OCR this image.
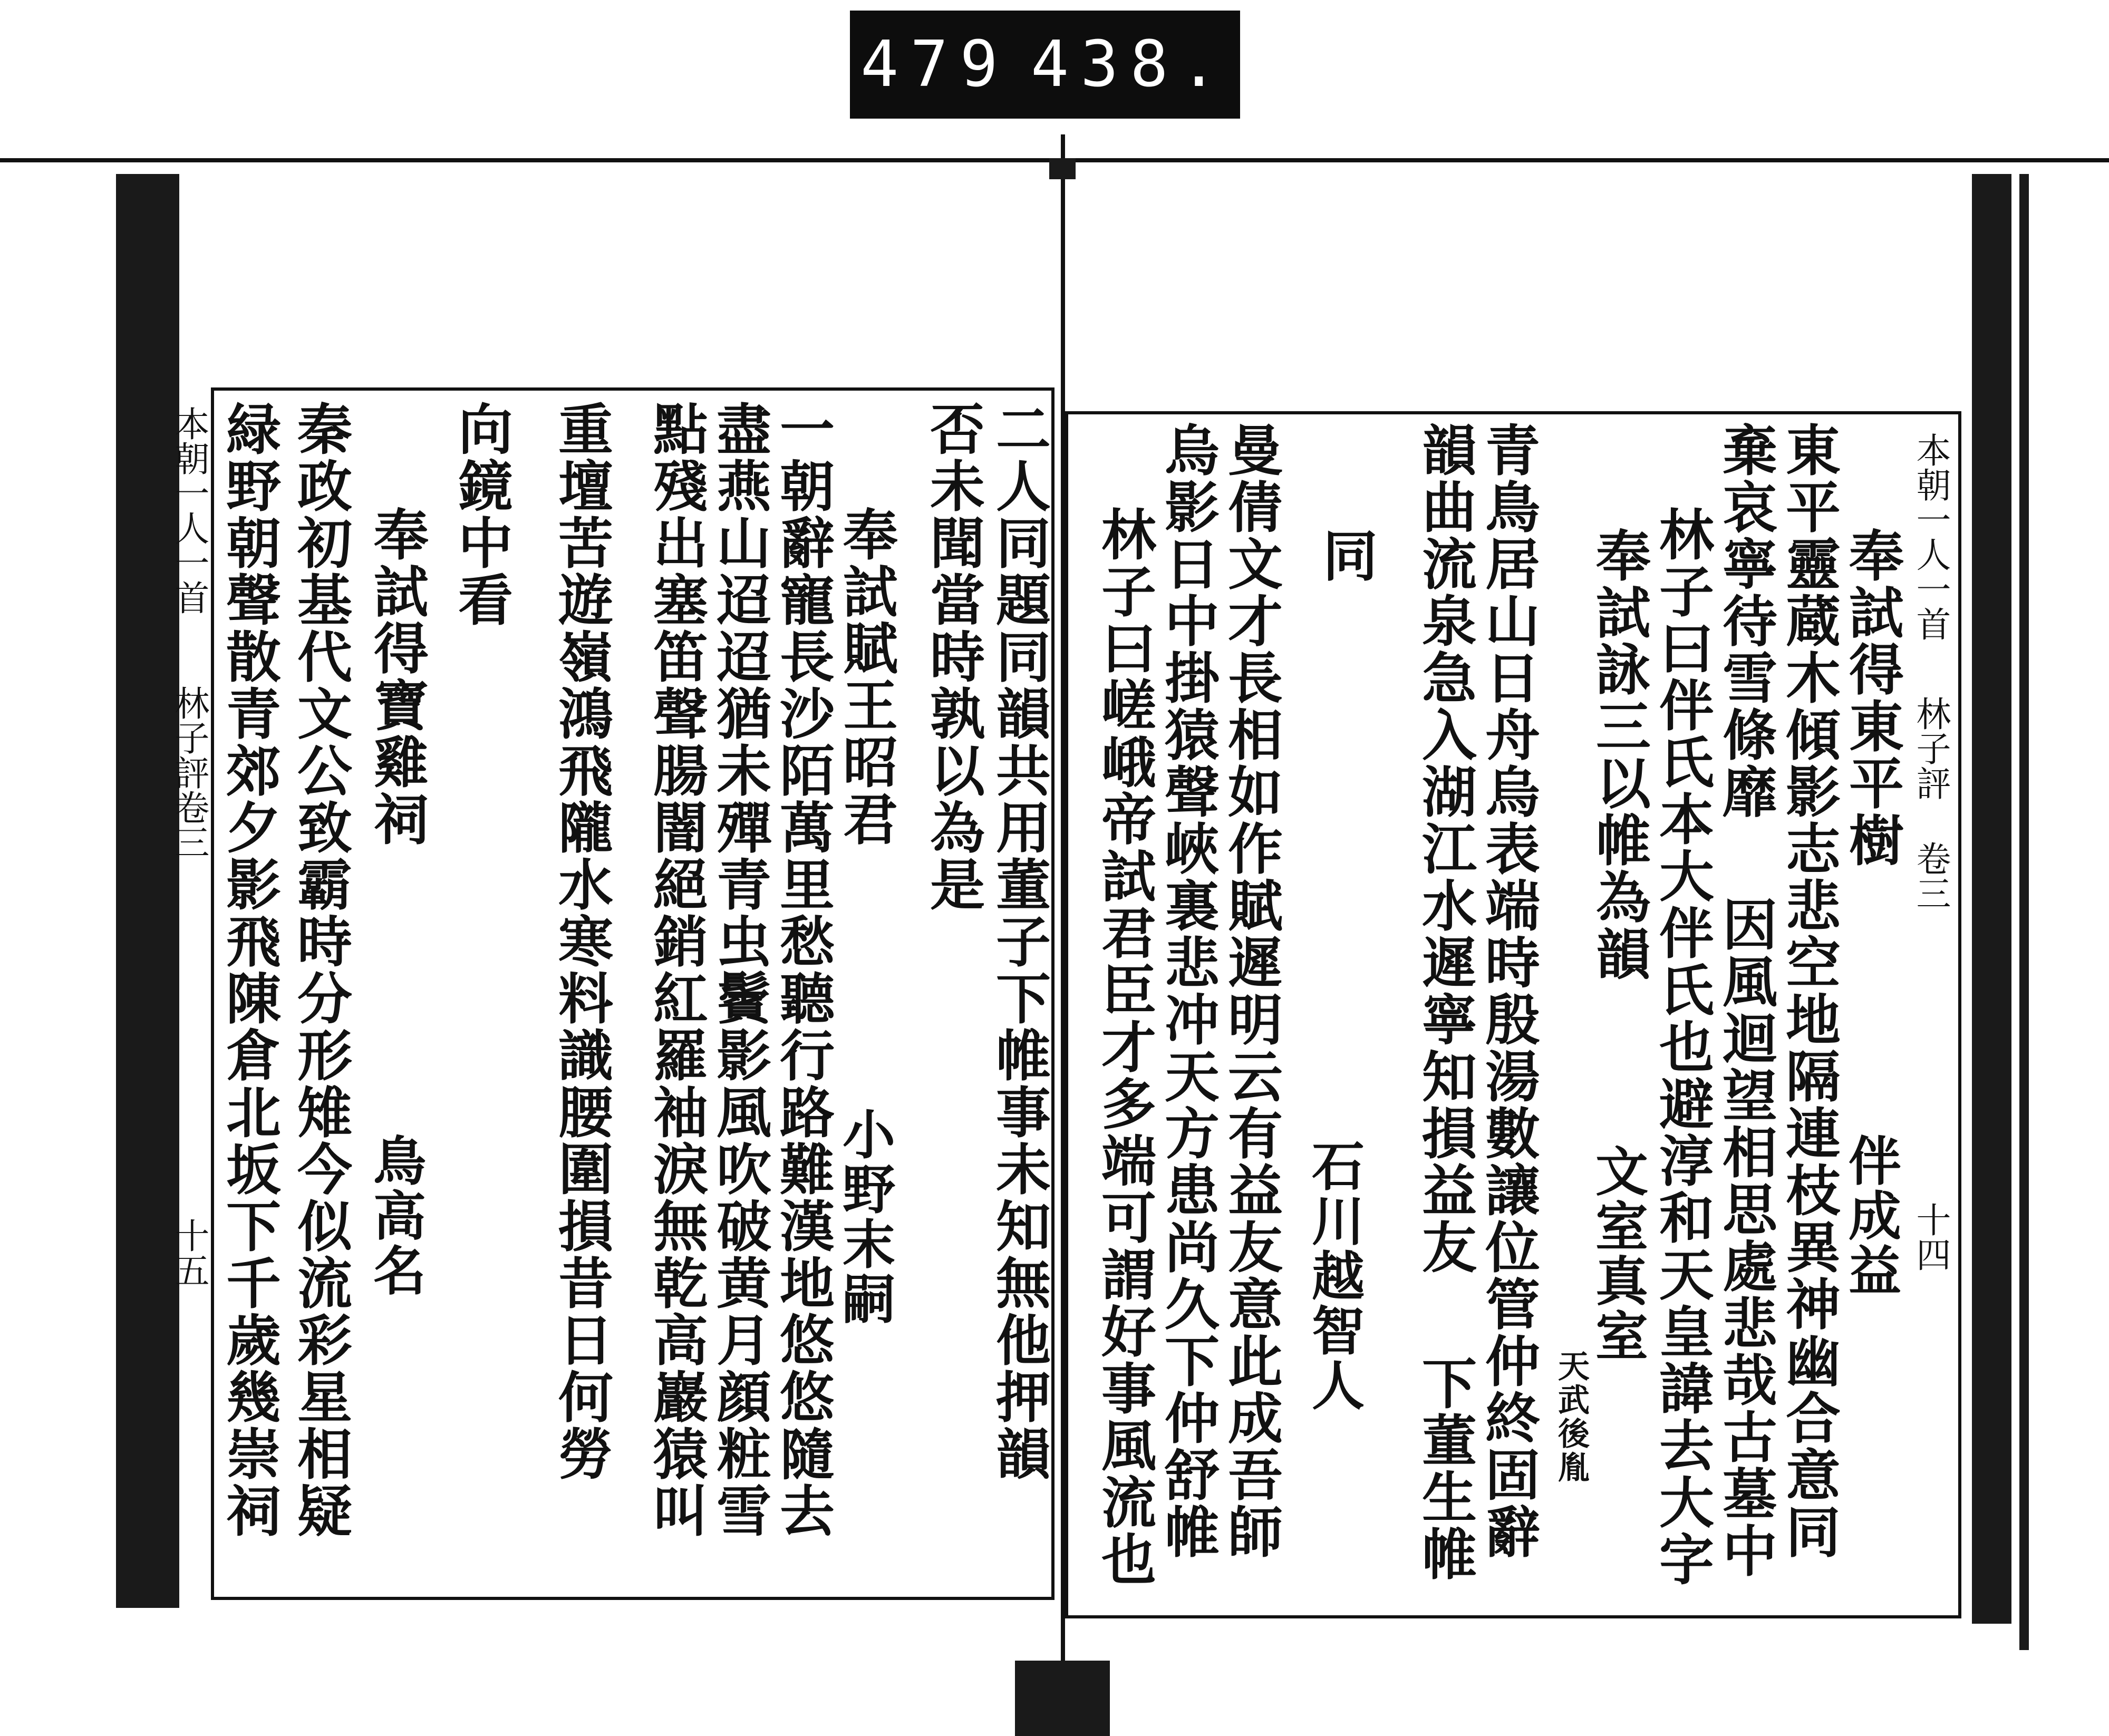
479 438.
本朝一人一首
林子評 卷三
十四
本朝一人一首
林子評卷三
十五
奉試得東平樹
伴成益
東平靈蔵木傾影志悲空地隔連枝異神幽合意同
棄哀寧待雪條靡
因風迴望相思處悲哉古墓中
林子曰伴氏本大伴氏也避淳和天皇諱去大字
奉試詠三以帷為韻
文室真室
天武後胤
青鳥居山日舟烏表端時殷湯數讓位管仲終固辭
韻曲流泉急入湖江水遲寧知損益友
下董生帷
同
石川越智人
曼倩文才長相如作賦遲明云有益友意此成吾師
烏影日中掛猿聲峽裏悲冲天方患尚久下仲舒帷
林子曰嵯峨帝試君臣才多端可謂好事風流也
二人同題同韻共用董子下帷事未知無他押韻
否未聞當時孰以為是
奉試賦王昭君
小野末嗣
一朝辭寵長沙陌萬里愁聽行路難漢地悠悠隨去
盡燕山迢迢猶未殫青虫鬢影風吹破黄月顔粧雪
點殘出塞笛聲腸闇絕銷紅羅袖淚無乾高巖猿叫
重壇苦遊嶺鴻飛隴水寒料識腰圍損昔日何勞
向鏡中看
奉試得寶雞祠
鳥高名
秦政初基代文公致霸時分形雉今似流彩星相疑
緑野朝聲散青郊夕影飛陳倉北坂下千歲幾崇祠
